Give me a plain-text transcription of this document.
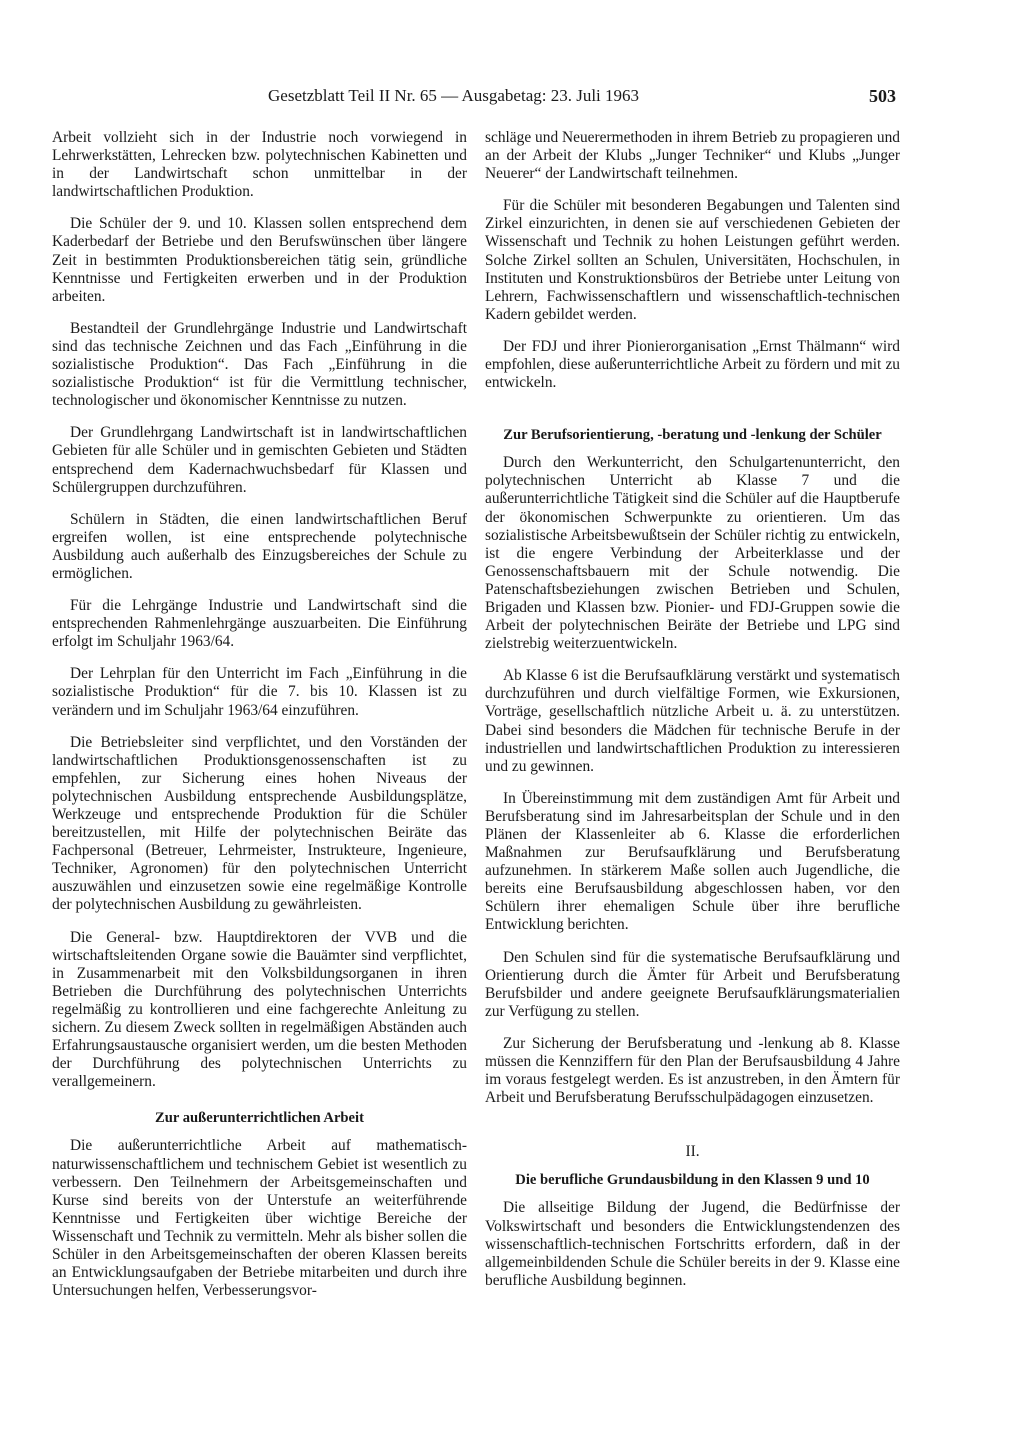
Gesetzblatt Teil II Nr. 65 — Ausgabetag: 23. Juli 1963	503

Arbeit vollzieht sich in der Industrie noch vorwiegend in Lehrwerkstätten, Lehrecken bzw. polytechnischen Kabinetten und in der Landwirtschaft schon unmittelbar in der landwirtschaftlichen Produktion.

Die Schüler der 9. und 10. Klassen sollen entsprechend dem Kaderbedarf der Betriebe und den Berufswünschen über längere Zeit in bestimmten Produktionsbereichen tätig sein, gründliche Kenntnisse und Fertigkeiten erwerben und in der Produktion arbeiten.

Bestandteil der Grundlehrgänge Industrie und Landwirtschaft sind das technische Zeichnen und das Fach „Einführung in die sozialistische Produktion“. Das Fach „Einführung in die sozialistische Produktion“ ist für die Vermittlung technischer, technologischer und ökonomischer Kenntnisse zu nutzen.

Der Grundlehrgang Landwirtschaft ist in landwirtschaftlichen Gebieten für alle Schüler und in gemischten Gebieten und Städten entsprechend dem Kadernachwuchsbedarf für Klassen und Schülergruppen durchzuführen.

Schülern in Städten, die einen landwirtschaftlichen Beruf ergreifen wollen, ist eine entsprechende polytechnische Ausbildung auch außerhalb des Einzugsbereiches der Schule zu ermöglichen.

Für die Lehrgänge Industrie und Landwirtschaft sind die entsprechenden Rahmenlehrgänge auszuarbeiten. Die Einführung erfolgt im Schuljahr 1963/64.

Der Lehrplan für den Unterricht im Fach „Einführung in die sozialistische Produktion“ für die 7. bis 10. Klassen ist zu verändern und im Schuljahr 1963/64 einzuführen.

Die Betriebsleiter sind verpflichtet, und den Vorständen der landwirtschaftlichen Produktionsgenossenschaften ist zu empfehlen, zur Sicherung eines hohen Niveaus der polytechnischen Ausbildung entsprechende Ausbildungsplätze, Werkzeuge und entsprechende Produktion für die Schüler bereitzustellen, mit Hilfe der polytechnischen Beiräte das Fachpersonal (Betreuer, Lehrmeister, Instrukteure, Ingenieure, Techniker, Agronomen) für den polytechnischen Unterricht auszuwählen und einzusetzen sowie eine regelmäßige Kontrolle der polytechnischen Ausbildung zu gewährleisten.

Die General- bzw. Hauptdirektoren der VVB und die wirtschaftsleitenden Organe sowie die Bauämter sind verpflichtet, in Zusammenarbeit mit den Volksbildungsorganen in ihren Betrieben die Durchführung des polytechnischen Unterrichts regelmäßig zu kontrollieren und eine fachgerechte Anleitung zu sichern. Zu diesem Zweck sollten in regelmäßigen Abständen auch Erfahrungsaustausche organisiert werden, um die besten Methoden der Durchführung des polytechnischen Unterrichts zu verallgemeinern.

Zur außerunterrichtlichen Arbeit

Die außerunterrichtliche Arbeit auf mathematisch-naturwissenschaftlichem und technischem Gebiet ist wesentlich zu verbessern. Den Teilnehmern der Arbeitsgemeinschaften und Kurse sind bereits von der Unterstufe an weiterführende Kenntnisse und Fertigkeiten über wichtige Bereiche der Wissenschaft und Technik zu vermitteln. Mehr als bisher sollen die Schüler in den Arbeitsgemeinschaften der oberen Klassen bereits an Entwicklungsaufgaben der Betriebe mitarbeiten und durch ihre Untersuchungen helfen, Verbesserungsvor-

schläge und Neuerermethoden in ihrem Betrieb zu propagieren und an der Arbeit der Klubs „Junger Techniker“ und Klubs „Junger Neuerer“ der Landwirtschaft teilnehmen.

Für die Schüler mit besonderen Begabungen und Talenten sind Zirkel einzurichten, in denen sie auf verschiedenen Gebieten der Wissenschaft und Technik zu hohen Leistungen geführt werden. Solche Zirkel sollten an Schulen, Universitäten, Hochschulen, in Instituten und Konstruktionsbüros der Betriebe unter Leitung von Lehrern, Fachwissenschaftlern und wissenschaftlich-technischen Kadern gebildet werden.

Der FDJ und ihrer Pionierorganisation „Ernst Thälmann“ wird empfohlen, diese außerunterrichtliche Arbeit zu fördern und mit zu entwickeln.

Zur Berufsorientierung, -beratung und -lenkung der Schüler

Durch den Werkunterricht, den Schulgartenunterricht, den polytechnischen Unterricht ab Klasse 7 und die außerunterrichtliche Tätigkeit sind die Schüler auf die Hauptberufe der ökonomischen Schwerpunkte zu orientieren. Um das sozialistische Arbeitsbewußtsein der Schüler richtig zu entwickeln, ist die engere Verbindung der Arbeiterklasse und der Genossenschaftsbauern mit der Schule notwendig. Die Patenschaftsbeziehungen zwischen Betrieben und Schulen, Brigaden und Klassen bzw. Pionier- und FDJ-Gruppen sowie die Arbeit der polytechnischen Beiräte der Betriebe und LPG sind zielstrebig weiterzuentwickeln.

Ab Klasse 6 ist die Berufsaufklärung verstärkt und systematisch durchzuführen und durch vielfältige Formen, wie Exkursionen, Vorträge, gesellschaftlich nützliche Arbeit u. ä. zu unterstützen. Dabei sind besonders die Mädchen für technische Berufe in der industriellen und landwirtschaftlichen Produktion zu interessieren und zu gewinnen.

In Übereinstimmung mit dem zuständigen Amt für Arbeit und Berufsberatung sind im Jahresarbeitsplan der Schule und in den Plänen der Klassenleiter ab 6. Klasse die erforderlichen Maßnahmen zur Berufsaufklärung und Berufsberatung aufzunehmen. In stärkerem Maße sollen auch Jugendliche, die bereits eine Berufsausbildung abgeschlossen haben, vor den Schülern ihrer ehemaligen Schule über ihre berufliche Entwicklung berichten.

Den Schulen sind für die systematische Berufsaufklärung und Orientierung durch die Ämter für Arbeit und Berufsberatung Berufsbilder und andere geeignete Berufsaufklärungsmaterialien zur Verfügung zu stellen.

Zur Sicherung der Berufsberatung und -lenkung ab 8. Klasse müssen die Kennziffern für den Plan der Berufsausbildung 4 Jahre im voraus festgelegt werden. Es ist anzustreben, in den Ämtern für Arbeit und Berufsberatung Berufsschulpädagogen einzusetzen.

II.
Die berufliche Grundausbildung in den Klassen 9 und 10

Die allseitige Bildung der Jugend, die Bedürfnisse der Volkswirtschaft und besonders die Entwicklungstendenzen des wissenschaftlich-technischen Fortschritts erfordern, daß in der allgemeinbildenden Schule die Schüler bereits in der 9. Klasse eine berufliche Ausbildung beginnen.
